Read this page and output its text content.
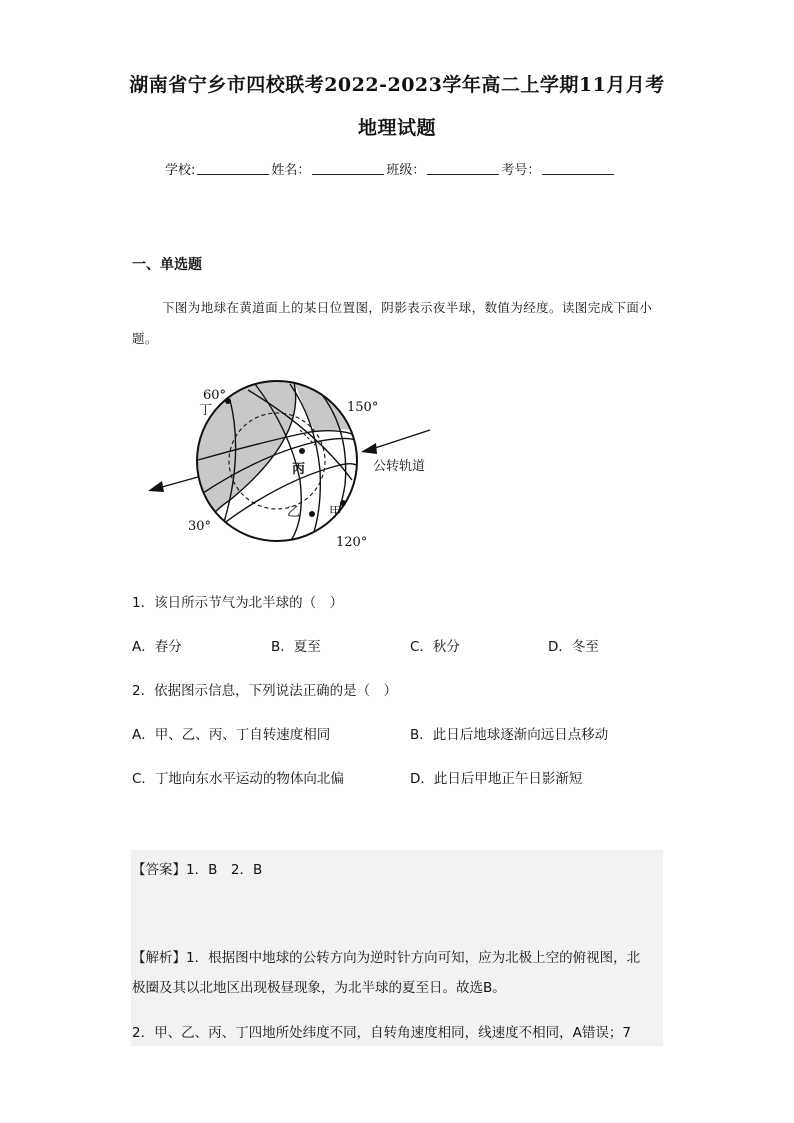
湖南省宁乡市四校联考2022-2023学年高二上学期11月月考
地理试题
学校:	姓名：	班级：	考号：
一、单选题
下图为地球在黄道面上的某日位置图，阴影表示夜半球，数值为经度。读图完成下面小题。
60°
丁	150°
丙
乙 甲
30°
120°
公转轨道
1．该日所示节气为北半球的（　）
A．春分	B．夏至	C．秋分	D．冬至
2．依据图示信息，下列说法正确的是（　）
A．甲、乙、丙、丁自转速度相同	B．此日后地球逐渐向远日点移动
C．丁地向东水平运动的物体向北偏	D．此日后甲地正午日影渐短
【答案】1．B　2．B
【解析】1．根据图中地球的公转方向为逆时针方向可知，应为北极上空的俯视图，北
极圈及其以北地区出现极昼现象，为北半球的夏至日。故选B。
2．甲、乙、丙、丁四地所处纬度不同，自转角速度相同，线速度不相同，A错误；7
